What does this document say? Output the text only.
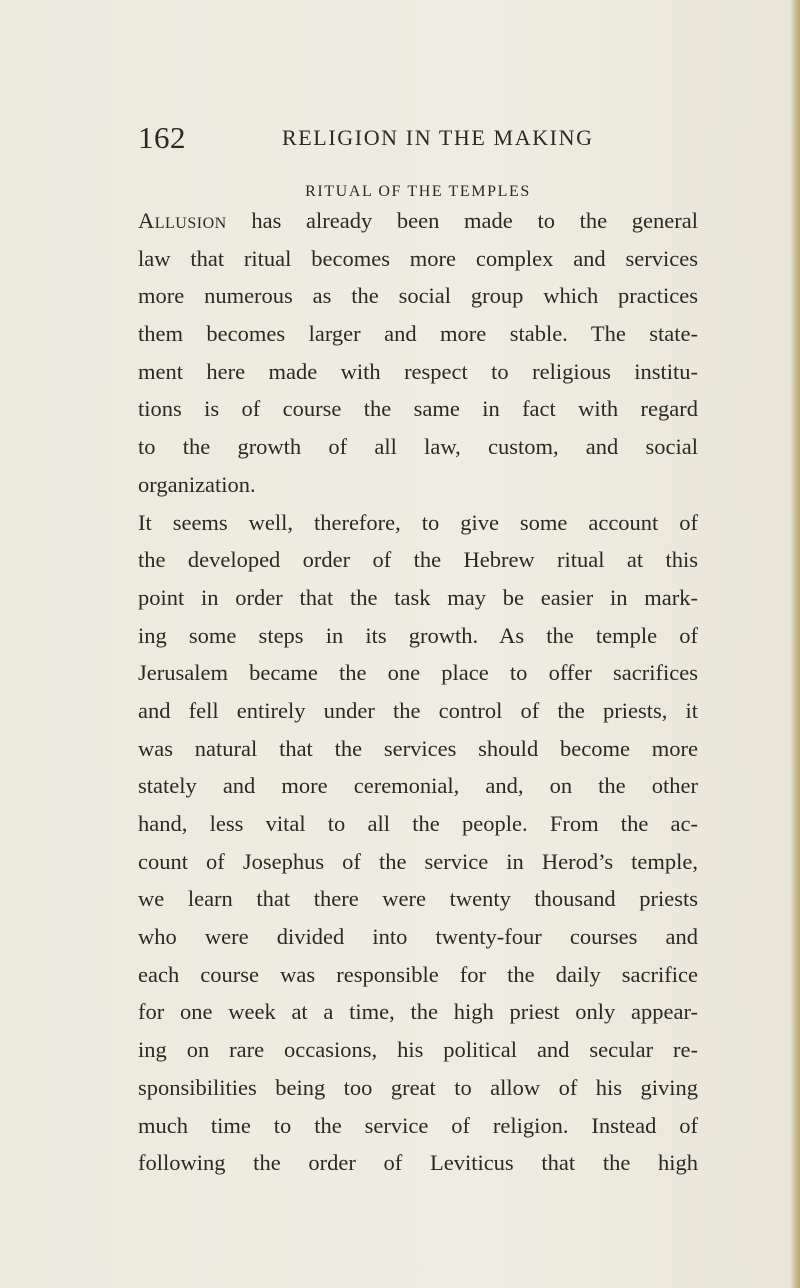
162	RELIGION IN THE MAKING
RITUAL OF THE TEMPLES
Allusion has already been made to the general
law that ritual becomes more complex and services
more numerous as the social group which practices
them becomes larger and more stable. The state-
ment here made with respect to religious institu-
tions is of course the same in fact with regard
to the growth of all law, custom, and social
organization.
It seems well, therefore, to give some account of
the developed order of the Hebrew ritual at this
point in order that the task may be easier in mark-
ing some steps in its growth. As the temple of
Jerusalem became the one place to offer sacrifices
and fell entirely under the control of the priests, it
was natural that the services should become more
stately and more ceremonial, and, on the other
hand, less vital to all the people. From the ac-
count of Josephus of the service in Herod’s temple,
we learn that there were twenty thousand priests
who were divided into twenty-four courses and
each course was responsible for the daily sacrifice
for one week at a time, the high priest only appear-
ing on rare occasions, his political and secular re-
sponsibilities being too great to allow of his giving
much time to the service of religion. Instead of
following the order of Leviticus that the high
